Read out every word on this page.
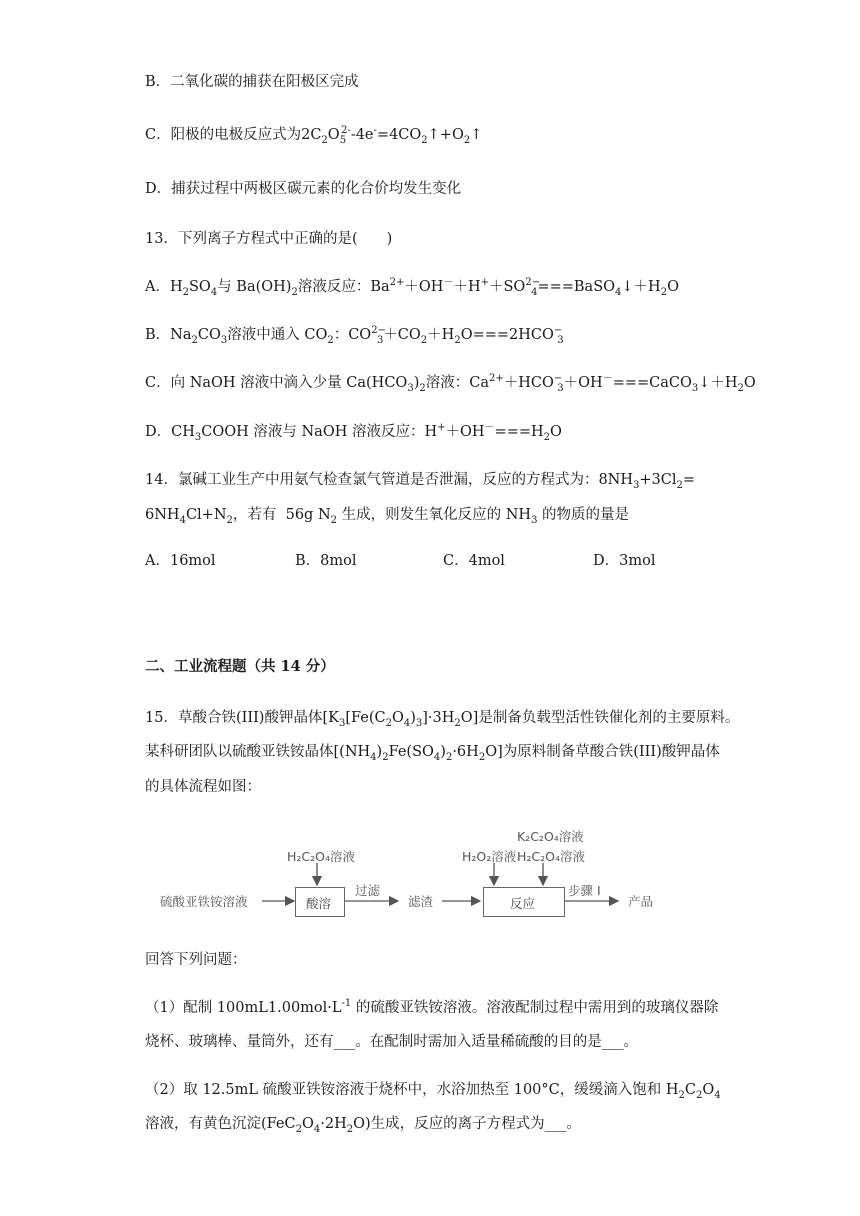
B．二氧化碳的捕获在阳极区完成
C．阳极的电极反应式为$2C_2O_5^{2-}-4e^-=4CO_2↑+O_2↑$
D．捕获过程中两极区碳元素的化合价均发生变化
13．下列离子方程式中正确的是(　　)
A．$H_2SO_4$与 $Ba(OH)_2$溶液反应：$Ba^{2+}+OH^-+H^++SO^{2-}_4===BaSO_4↓+H_2O$
B．$Na_2CO_3$溶液中通入 $CO_2$：$CO^{2-}_3+CO_2+H_2O===2HCO^-_3$
C．向 NaOH 溶液中滴入少量 $Ca(HCO_3)_2$溶液：$Ca^{2+}+HCO^-_3+OH^-===CaCO_3↓+H_2O$
D．$CH_3COOH$ 溶液与 NaOH 溶液反应：$H^++OH^-===H_2O$
14．氯碱工业生产中用氨气检查氯气管道是否泄漏，反应的方程式为：$8NH_3+3Cl_2=$
$6NH_4Cl+N_2$，若有  56g $N_2$ 生成，则发生氧化反应的 $NH_3$ 的物质的量是
A．16mol	B．8mol	C．4mol	D．3mol
二、工业流程题（共 14 分）
15．草酸合铁(III)酸钾晶体$[K_3[Fe(C_2O_4)_3]\cdot 3H_2O]$是制备负载型活性铁催化剂的主要原料。
某科研团队以硫酸亚铁铵晶体$[(NH_4)_2Fe(SO_4)_2\cdot 6H_2O]$为原料制备草酸合铁(III)酸钾晶体
的具体流程如图：
硫酸亚铁铵溶液
H₂C₂O₄溶液
酸溶
过滤
滤渣
H₂O₂溶液 H₂C₂O₄溶液
K₂C₂O₄溶液
反应
步骤 I
产品
回答下列问题：
（1）配制 $100mL1.00mol\cdot L^{-1}$ 的硫酸亚铁铵溶液。溶液配制过程中需用到的玻璃仪器除
烧杯、玻璃棒、量筒外，还有___。在配制时需加入适量稀硫酸的目的是___。
（2）取 12.5mL 硫酸亚铁铵溶液于烧杯中，水浴加热至 100°C，缓缓滴入饱和 $H_2C_2O_4$
溶液，有黄色沉淀$(FeC_2O_4\cdot 2H_2O)$生成，反应的离子方程式为___。
